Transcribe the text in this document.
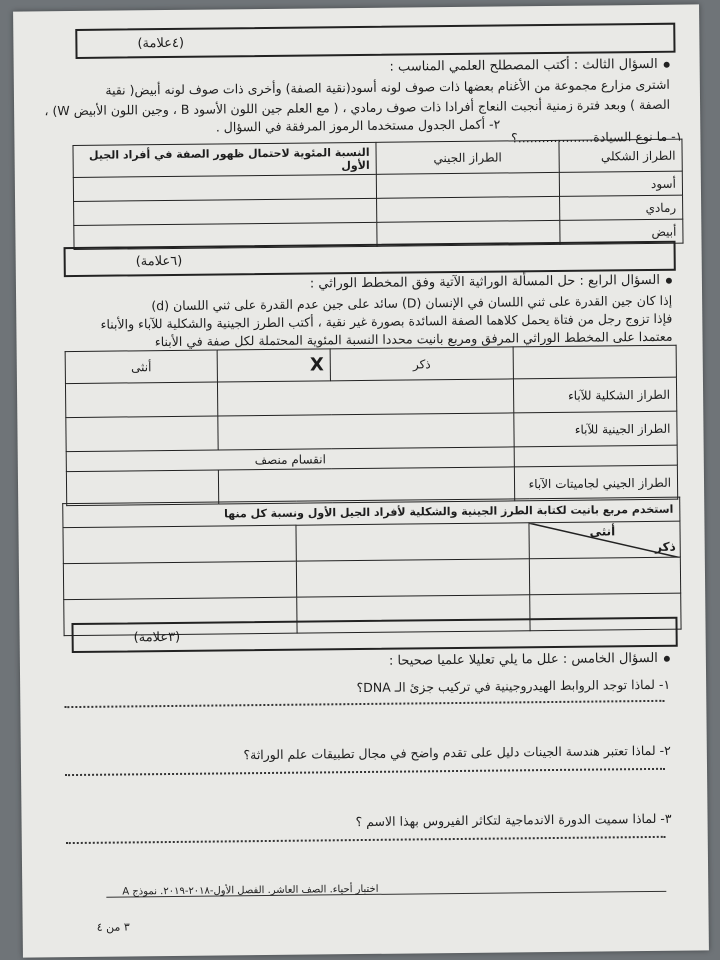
(٤علامة)
السؤال الثالث : أكتب المصطلح العلمي المناسب :
اشترى مزارع مجموعة من الأغنام بعضها ذات صوف لونه أسود(نقية الصفة) وأخرى ذات صوف لونه أبيض( نقية
الصفة ) وبعد فترة زمنية أنجبت النعاج أفرادا ذات صوف رمادي ، ( مع العلم جين اللون الأسود B ، وجين اللون الأبيض W) ،
٢- أكمل الجدول مستخدما الرموز المرفقة في السؤال .
١- ما نوع السيادة...................؟
الطراز الشكلي	الطراز الجيني	النسبة المئوية لاحتمال ظهور الصفة في أفراد الجيل الأول
أسود		
رمادي		
أبيض		
(٦علامة)
السؤال الرابع : حل المسألة الوراثية الآتية وفق المخطط الوراثي :
إذا كان جين القدرة على ثني اللسان في الإنسان (D) سائد على جين عدم القدرة على ثني اللسان (d)
فإذا تزوج رجل من فتاة يحمل كلاهما الصفة السائدة بصورة غير نقية ، أكتب الطرز الجينية والشكلية للآباء والأبناء
معتمدا على المخطط الوراثي المرفق ومربع بانيت محددا النسبة المئوية المحتملة لكل صفة في الأبناء
	ذكر	X	أنثى
الطراز الشكلية للآباء			
الطراز الجينية للآباء			
	انقسام منصف		
الطراز الجيني لجاميتات الآباء			
استخدم مربع بانيت لكتابة الطرز الجينية والشكلية لأفراد الجيل الأول ونسبة كل منها		

أنثى
ذكر		

(٣علامة)
السؤال الخامس : علل ما يلي تعليلا علميا صحيحا :
١- لماذا توجد الروابط الهيدروجينية في تركيب جزئ الـ DNA؟
٢- لماذا تعتبر هندسة الجينات دليل على تقدم واضح في مجال تطبيقات علم الوراثة؟
٣- لماذا سميت الدورة الاندماجية لتكاثر الفيروس بهذا الاسم ؟
اختبار أحياء. الصف العاشر. الفصل الأول-٢٠١٨-٢٠١٩. نموذج A
٣ من ٤
